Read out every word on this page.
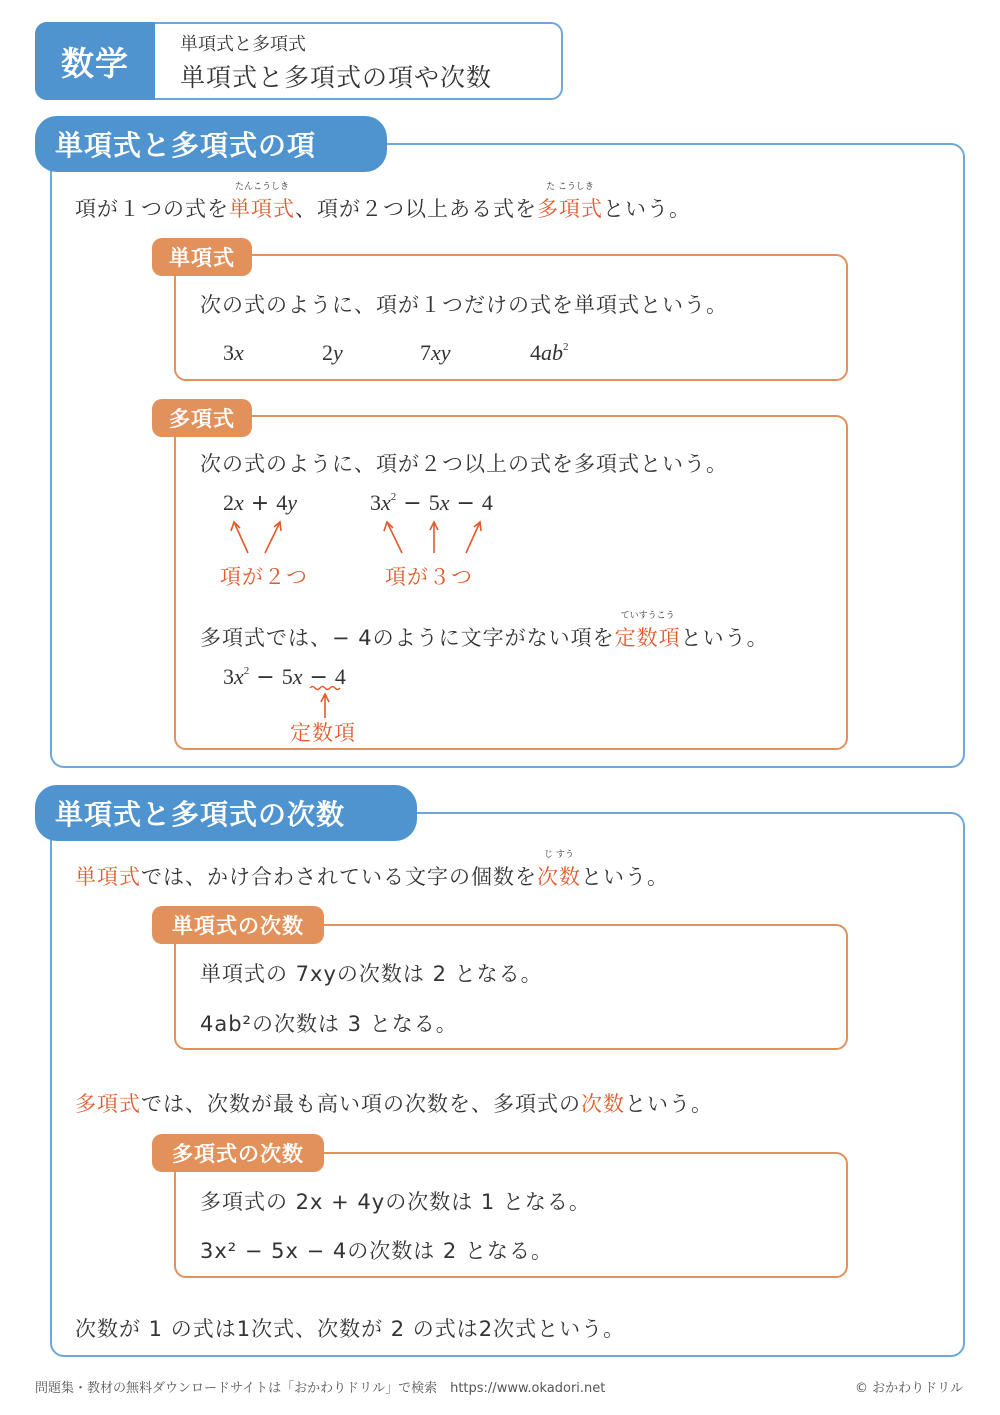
数学	単項式と多項式
単項式と多項式の項や次数
単項式と多項式の項
項が１つの式を
たんこうしき
単項式、項が２つ以上ある式を
た こうしき
多項式という。
単項式
次の式のように、項が１つだけの式を単項式という。
3x	2y	7xy	$4ab^2$
多項式
次の式のように、項が２つ以上の式を多項式という。
2x + 4y	$3x^2 - 5x - 4$
項が２つ	項が３つ
多項式では、− 4のように文字がない項を
ていすうこう
定数項という。
$3x^2 - 5x - 4$
定数項
単項式と多項式の次数
単項式では、かけ合わされている文字の個数を
じ すう
次数という。
単項式の次数
単項式の 7xyの次数は 2 となる。
4ab²の次数は 3 となる。
多項式では、次数が最も高い項の次数を、多項式の次数という。
多項式の次数
多項式の 2x + 4yの次数は 1 となる。
3x² − 5x − 4の次数は 2 となる。
次数が 1 の式は1次式、次数が 2 の式は2次式という。
問題集・教材の無料ダウンロードサイトは「おかわりドリル」で検索　https://www.okadori.net	© おかわりドリル
